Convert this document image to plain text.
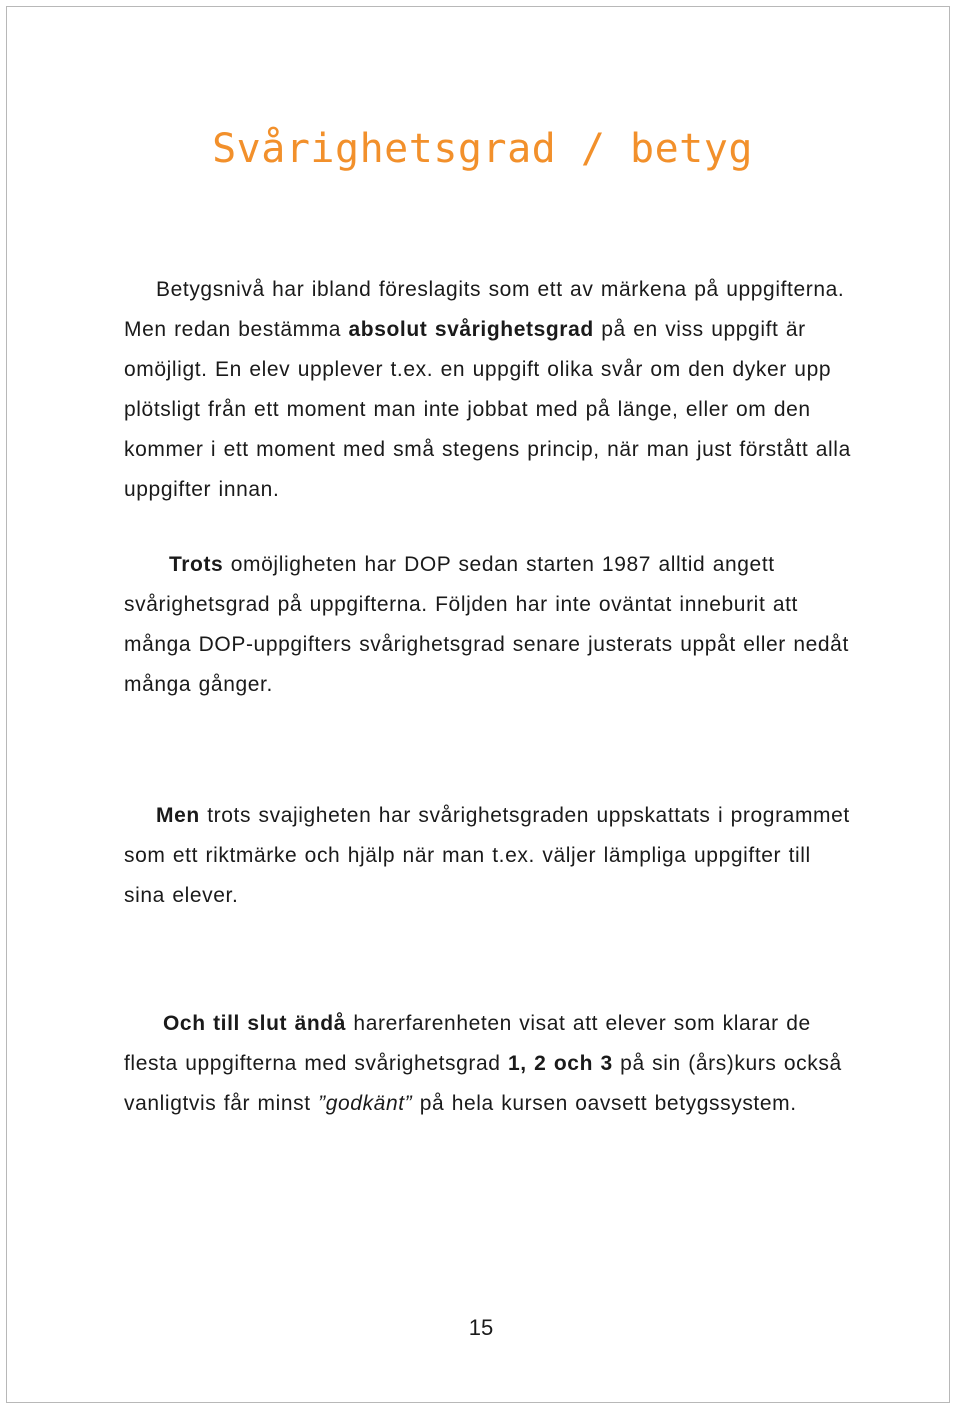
Svårighetsgrad / betyg

Betygsnivå har ibland föreslagits som ett av märkena på uppgifterna. Men redan bestämma absolut svårighetsgrad på en viss uppgift är omöjligt. En elev upplever t.ex. en uppgift olika svår om den dyker upp plötsligt från ett moment man inte jobbat med på länge, eller om den kommer i ett moment med små stegens princip, när man just förstått alla uppgifter innan.

Trots omöjligheten har DOP sedan starten 1987 alltid angett svårighetsgrad på uppgifterna. Följden har inte oväntat inneburit att många DOP-uppgifters svårighetsgrad senare justerats uppåt eller nedåt många gånger.

Men trots svajigheten har svårighetsgraden uppskattats i programmet som ett riktmärke och hjälp när man t.ex. väljer lämpliga uppgifter till sina elever.

Och till slut ändå harerfarenheten visat att elever som klarar de flesta uppgifterna med svårighetsgrad 1, 2 och 3 på sin (års)kurs också vanligtvis får minst ”godkänt” på hela kursen oavsett betygssystem.

15
